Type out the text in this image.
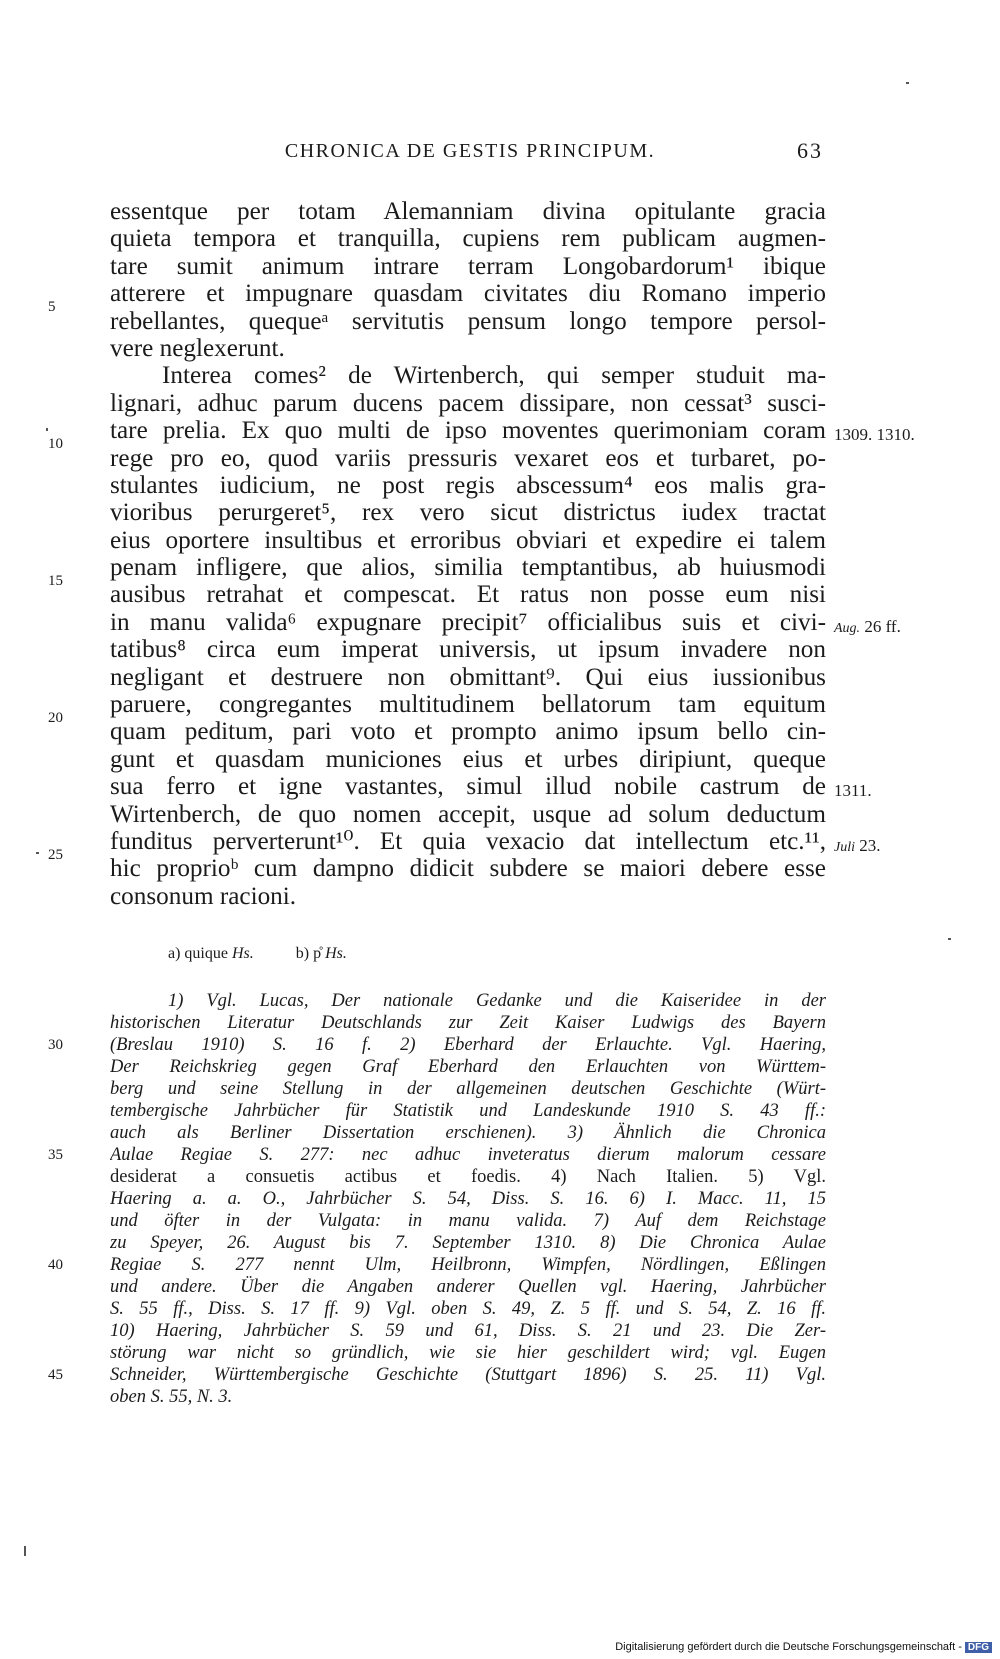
CHRONICA DE GESTIS PRINCIPUM.	63
5
10
15
20
25
essentque per totam Alemanniam divina opitulante gracia
quieta tempora et tranquilla, cupiens rem publicam augmen-
tare sumit animum intrare terram Longobardorum¹ ibique
atterere et impugnare quasdam civitates diu Romano imperio
rebellantes, quequeᵃ servitutis pensum longo tempore persol-
vere neglexerunt.
Interea comes² de Wirtenberch, qui semper studuit ma-
lignari, adhuc parum ducens pacem dissipare, non cessat³ susci-
tare prelia. Ex quo multi de ipso moventes querimoniam coram
rege pro eo, quod variis pressuris vexaret eos et turbaret, po-
stulantes iudicium, ne post regis abscessum⁴ eos malis gra-
vioribus perurgeret⁵, rex vero sicut districtus iudex tractat
eius oportere insultibus et erroribus obviari et expedire ei talem
penam infligere, que alios, similia temptantibus, ab huiusmodi
ausibus retrahat et compescat. Et ratus non posse eum nisi
in manu valida⁶ expugnare precipit⁷ officialibus suis et civi-
tatibus⁸ circa eum imperat universis, ut ipsum invadere non
negligant et destruere non obmittant⁹. Qui eius iussionibus
paruere, congregantes multitudinem bellatorum tam equitum
quam peditum, pari voto et prompto animo ipsum bello cin-
gunt et quasdam municiones eius et urbes diripiunt, queque
sua ferro et igne vastantes, simul illud nobile castrum de
Wirtenberch, de quo nomen accepit, usque ad solum deductum
funditus perverterunt¹⁰. Et quia vexacio dat intellectum etc.¹¹,
hic proprioᵇ cum dampno didicit subdere se maiori debere esse
consonum racioni.
1309. 1310.
Aug. 26 ff.
1311.
Juli 23.
a) quique Hs.	b) p̊ Hs.
30
35
40
45
1) Vgl. Lucas, Der nationale Gedanke und die Kaiseridee in der
historischen Literatur Deutschlands zur Zeit Kaiser Ludwigs des Bayern
(Breslau 1910) S. 16 f. 2) Eberhard der Erlauchte. Vgl. Haering,
Der Reichskrieg gegen Graf Eberhard den Erlauchten von Württem-
berg und seine Stellung in der allgemeinen deutschen Geschichte (Würt-
tembergische Jahrbücher für Statistik und Landeskunde 1910 S. 43 ff.:
auch als Berliner Dissertation erschienen). 3) Ähnlich die Chronica
Aulae Regiae S. 277: nec adhuc inveteratus dierum malorum cessare
desiderat a consuetis actibus et foedis. 4) Nach Italien. 5) Vgl.
Haering a. a. O., Jahrbücher S. 54, Diss. S. 16. 6) I. Macc. 11, 15
und öfter in der Vulgata: in manu valida. 7) Auf dem Reichstage
zu Speyer, 26. August bis 7. September 1310. 8) Die Chronica Aulae
Regiae S. 277 nennt Ulm, Heilbronn, Wimpfen, Nördlingen, Eßlingen
und andere. Über die Angaben anderer Quellen vgl. Haering, Jahrbücher
S. 55 ff., Diss. S. 17 ff. 9) Vgl. oben S. 49, Z. 5 ff. und S. 54, Z. 16 ff.
10) Haering, Jahrbücher S. 59 und 61, Diss. S. 21 und 23. Die Zer-
störung war nicht so gründlich, wie sie hier geschildert wird; vgl. Eugen
Schneider, Württembergische Geschichte (Stuttgart 1896) S. 25. 11) Vgl.
oben S. 55, N. 3.
Digitalisierung gefördert durch die Deutsche Forschungsgemeinschaft - DFG
